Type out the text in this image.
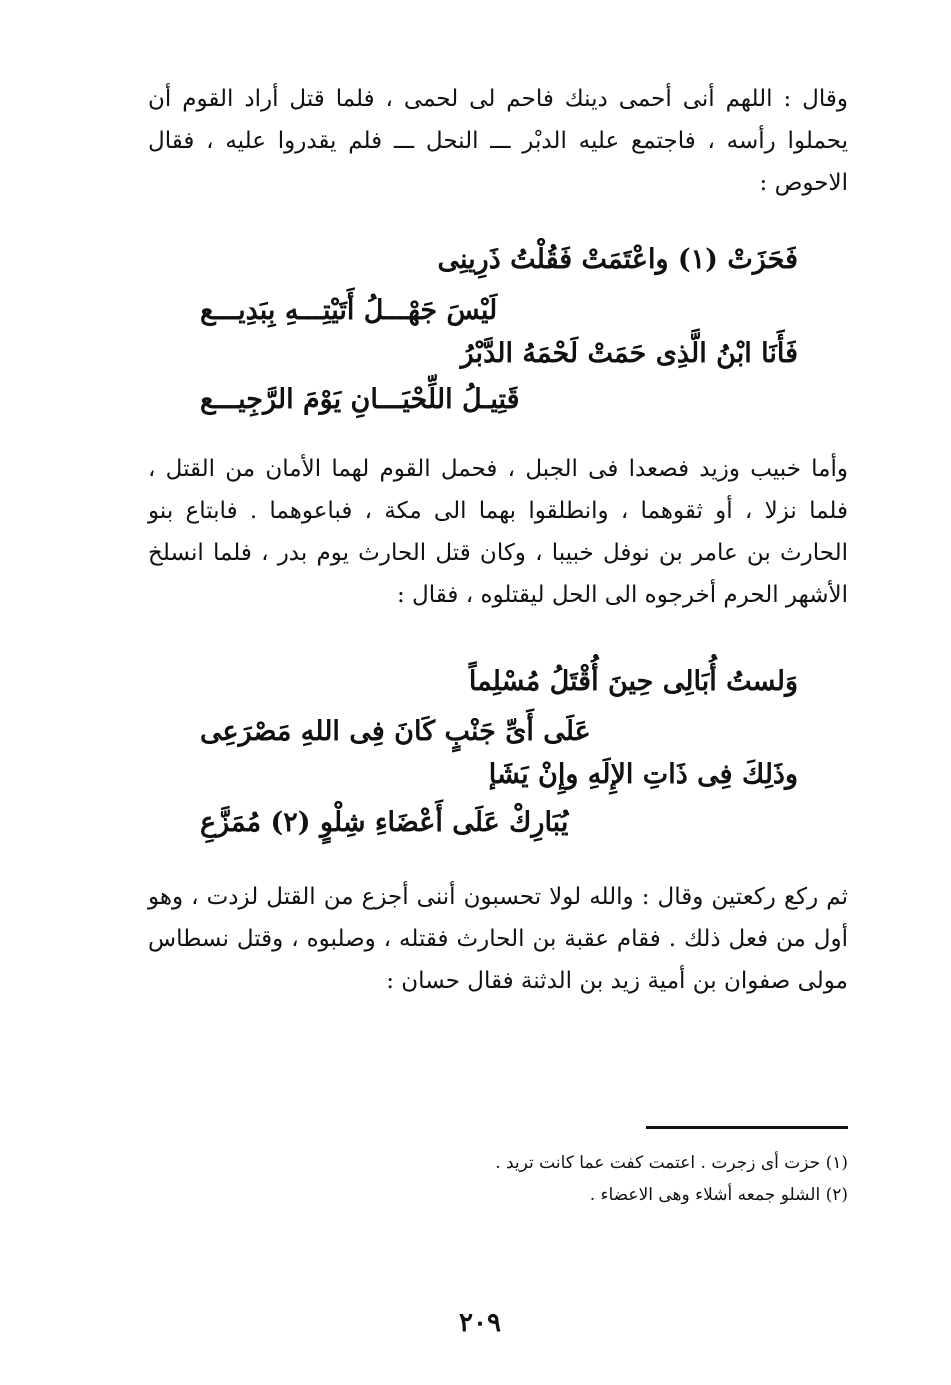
وقال : اللهم أنى أحمى دينك فاحم لى لحمى ، فلما قتل أراد القوم أن يحملوا رأسه ، فاجتمع عليه الدبْر ـــ النحل ـــ فلم يقدروا عليه ، فقال الاحوص :

فَحَزَتْ (١) واعْتَمَتْ فَقُلْتُ ذَرِينِى
لَيْسَ جَهْـــلُ أَتَيْتِـــهِ بِبَدِيـــع
فَأَنَا ابْنُ الَّذِى حَمَتْ لَحْمَهُ الدَّبْرُ
قَتِيـلُ اللِّحْيَـــانِ يَوْمَ الرَّجِيـــع

وأما خبيب وزيد فصعدا فى الجبل ، فحمل القوم لهما الأمان من القتل ، فلما نزلا ، أو ثقوهما ، وانطلقوا بهما الى مكة ، فباعوهما . فابتاع بنو الحارث بن عامر بن نوفل خبيبا ، وكان قتل الحارث يوم بدر ، فلما انسلخ الأشهر الحرم أخرجوه الى الحل ليقتلوه ، فقال :

وَلستُ أُبَالِى حِينَ أُقْتَلُ مُسْلِماً
عَلَى أَىِّ جَنْبٍ كَانَ فِى اللهِ مَصْرَعِى
وذَلِكَ فِى ذَاتِ الإِلَهِ وإِنْ يَشَإ
يُبَارِكْ عَلَى أَعْضَاءِ شِلْوٍ (٢) مُمَزَّعِ

ثم ركع ركعتين وقال : والله لولا تحسبون أننى أجزع من القتل لزدت ، وهو أول من فعل ذلك . فقام عقبة بن الحارث فقتله ، وصلبوه ، وقتل نسطاس مولى صفوان بن أمية زيد بن الدثنة فقال حسان :

(١) حزت أى زجرت . اعتمت كفت عما كانت تريد .

(٢) الشلو جمعه أشلاء وهى الاعضاء .

٢٠٩
